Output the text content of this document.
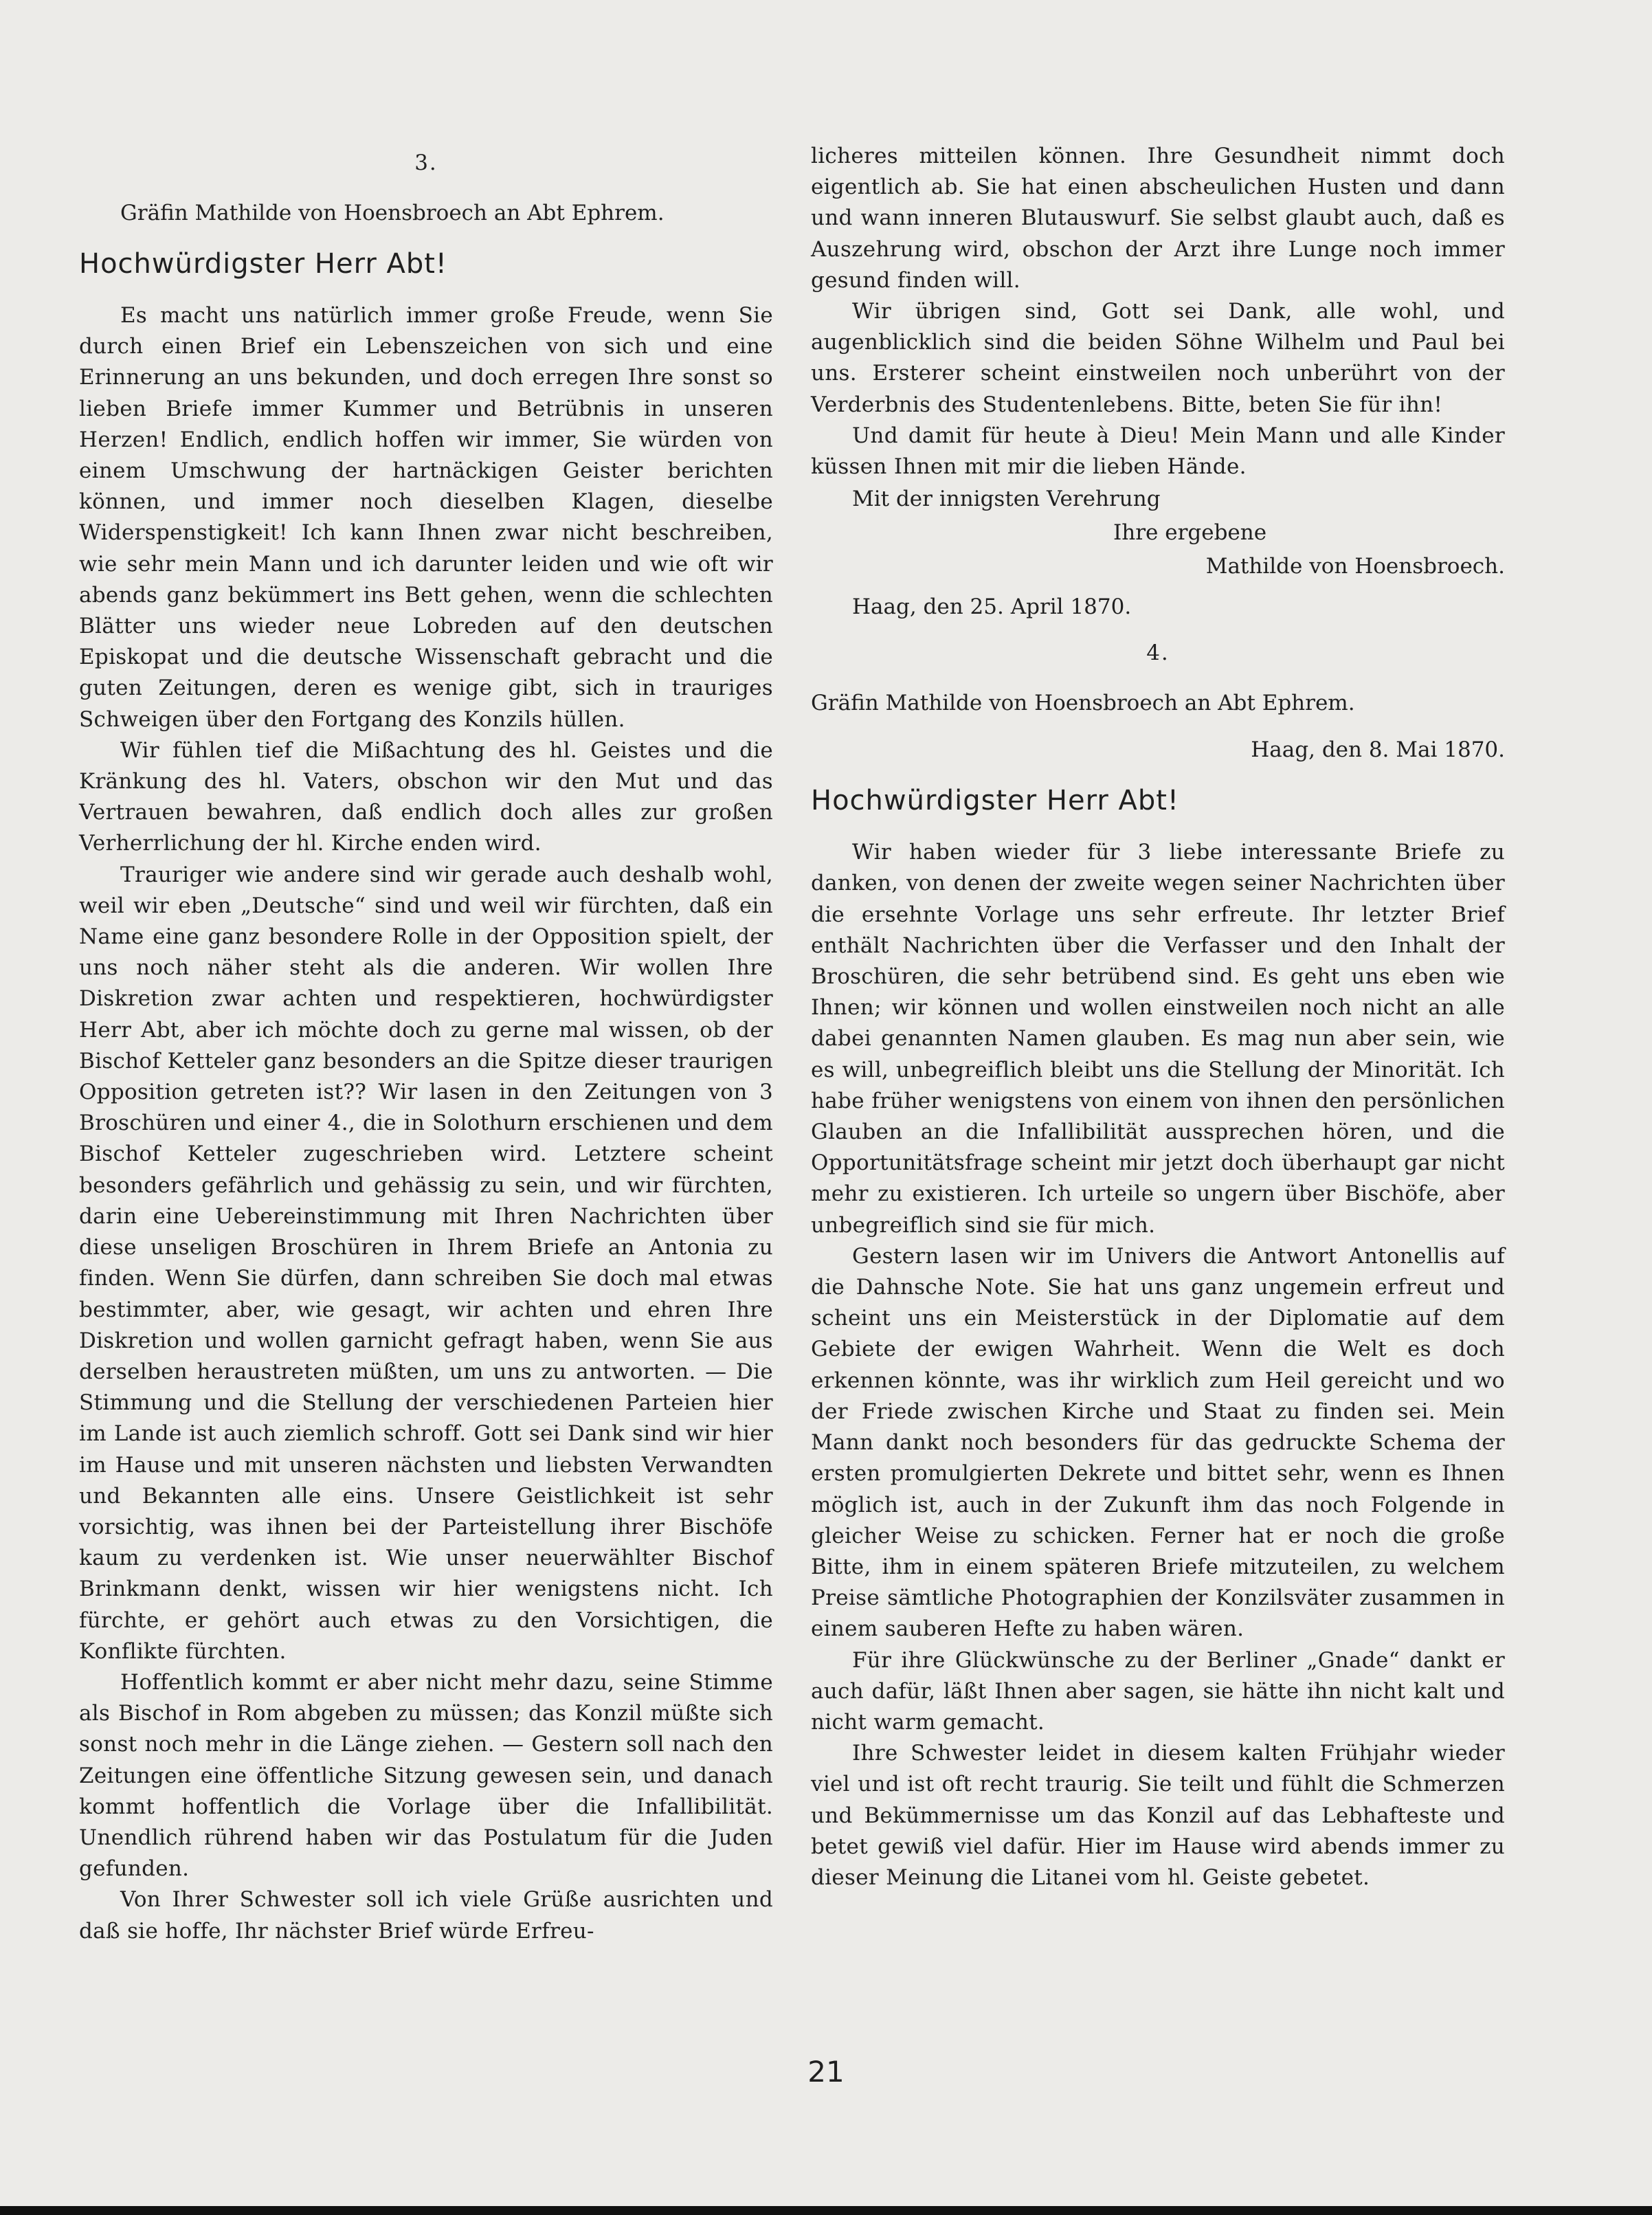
3.
Gräfin Mathilde von Hoensbroech an Abt Ephrem.
Hochwürdigster Herr Abt!

Es macht uns natürlich immer große Freude, wenn Sie durch einen Brief ein Lebenszeichen von sich und eine Erinnerung an uns bekunden, und doch erregen Ihre sonst so lieben Briefe immer Kummer und Betrübnis in unseren Herzen! Endlich, endlich hoffen wir immer, Sie würden von einem Umschwung der hartnäckigen Geister berichten können, und immer noch dieselben Klagen, dieselbe Widerspenstigkeit! Ich kann Ihnen zwar nicht beschreiben, wie sehr mein Mann und ich darunter leiden und wie oft wir abends ganz bekümmert ins Bett gehen, wenn die schlechten Blätter uns wieder neue Lobreden auf den deutschen Episkopat und die deutsche Wissenschaft gebracht und die guten Zeitungen, deren es wenige gibt, sich in trauriges Schweigen über den Fortgang des Konzils hüllen.

Wir fühlen tief die Mißachtung des hl. Geistes und die Kränkung des hl. Vaters, obschon wir den Mut und das Vertrauen bewahren, daß endlich doch alles zur großen Verherrlichung der hl. Kirche enden wird.

Trauriger wie andere sind wir gerade auch deshalb wohl, weil wir eben „Deutsche“ sind und weil wir fürchten, daß ein Name eine ganz besondere Rolle in der Opposition spielt, der uns noch näher steht als die anderen. Wir wollen Ihre Diskretion zwar achten und respektieren, hochwürdigster Herr Abt, aber ich möchte doch zu gerne mal wissen, ob der Bischof Ketteler ganz besonders an die Spitze dieser traurigen Opposition getreten ist?? Wir lasen in den Zeitungen von 3 Broschüren und einer 4., die in Solothurn erschienen und dem Bischof Ketteler zugeschrieben wird. Letztere scheint besonders gefährlich und gehässig zu sein, und wir fürchten, darin eine Uebereinstimmung mit Ihren Nachrichten über diese unseligen Broschüren in Ihrem Briefe an Antonia zu finden. Wenn Sie dürfen, dann schreiben Sie doch mal etwas bestimmter, aber, wie gesagt, wir achten und ehren Ihre Diskretion und wollen garnicht gefragt haben, wenn Sie aus derselben heraustreten müßten, um uns zu antworten. — Die Stimmung und die Stellung der verschiedenen Parteien hier im Lande ist auch ziemlich schroff. Gott sei Dank sind wir hier im Hause und mit unseren nächsten und liebsten Verwandten und Bekannten alle eins. Unsere Geistlichkeit ist sehr vorsichtig, was ihnen bei der Parteistellung ihrer Bischöfe kaum zu verdenken ist. Wie unser neuerwählter Bischof Brinkmann denkt, wissen wir hier wenigstens nicht. Ich fürchte, er gehört auch etwas zu den Vorsichtigen, die Konflikte fürchten.

Hoffentlich kommt er aber nicht mehr dazu, seine Stimme als Bischof in Rom abgeben zu müssen; das Konzil müßte sich sonst noch mehr in die Länge ziehen. — Gestern soll nach den Zeitungen eine öffentliche Sitzung gewesen sein, und danach kommt hoffentlich die Vorlage über die Infallibilität. Unendlich rührend haben wir das Postulatum für die Juden gefunden.

Von Ihrer Schwester soll ich viele Grüße ausrichten und daß sie hoffe, Ihr nächster Brief würde Erfreu-

licheres mitteilen können. Ihre Gesundheit nimmt doch eigentlich ab. Sie hat einen abscheulichen Husten und dann und wann inneren Blutauswurf. Sie selbst glaubt auch, daß es Auszehrung wird, obschon der Arzt ihre Lunge noch immer gesund finden will.

Wir übrigen sind, Gott sei Dank, alle wohl, und augenblicklich sind die beiden Söhne Wilhelm und Paul bei uns. Ersterer scheint einstweilen noch unberührt von der Verderbnis des Studentenlebens. Bitte, beten Sie für ihn!

Und damit für heute à Dieu! Mein Mann und alle Kinder küssen Ihnen mit mir die lieben Hände.

Mit der innigsten Verehrung

Ihre ergebene

Mathilde von Hoensbroech.

Haag, den 25. April 1870.

4.
Gräfin Mathilde von Hoensbroech an Abt Ephrem.
Haag, den 8. Mai 1870.
Hochwürdigster Herr Abt!

Wir haben wieder für 3 liebe interessante Briefe zu danken, von denen der zweite wegen seiner Nachrichten über die ersehnte Vorlage uns sehr erfreute. Ihr letzter Brief enthält Nachrichten über die Verfasser und den Inhalt der Broschüren, die sehr betrübend sind. Es geht uns eben wie Ihnen; wir können und wollen einstweilen noch nicht an alle dabei genannten Namen glauben. Es mag nun aber sein, wie es will, unbegreiflich bleibt uns die Stellung der Minorität. Ich habe früher wenigstens von einem von ihnen den persönlichen Glauben an die Infallibilität aussprechen hören, und die Opportunitätsfrage scheint mir jetzt doch überhaupt gar nicht mehr zu existieren. Ich urteile so ungern über Bischöfe, aber unbegreiflich sind sie für mich.

Gestern lasen wir im Univers die Antwort Antonellis auf die Dahnsche Note. Sie hat uns ganz ungemein erfreut und scheint uns ein Meisterstück in der Diplomatie auf dem Gebiete der ewigen Wahrheit. Wenn die Welt es doch erkennen könnte, was ihr wirklich zum Heil gereicht und wo der Friede zwischen Kirche und Staat zu finden sei. Mein Mann dankt noch besonders für das gedruckte Schema der ersten promulgierten Dekrete und bittet sehr, wenn es Ihnen möglich ist, auch in der Zukunft ihm das noch Folgende in gleicher Weise zu schicken. Ferner hat er noch die große Bitte, ihm in einem späteren Briefe mitzuteilen, zu welchem Preise sämtliche Photographien der Konzilsväter zusammen in einem sauberen Hefte zu haben wären.

Für ihre Glückwünsche zu der Berliner „Gnade“ dankt er auch dafür, läßt Ihnen aber sagen, sie hätte ihn nicht kalt und nicht warm gemacht.

Ihre Schwester leidet in diesem kalten Frühjahr wieder viel und ist oft recht traurig. Sie teilt und fühlt die Schmerzen und Bekümmernisse um das Konzil auf das Lebhafteste und betet gewiß viel dafür. Hier im Hause wird abends immer zu dieser Meinung die Litanei vom hl. Geiste gebetet.

21
